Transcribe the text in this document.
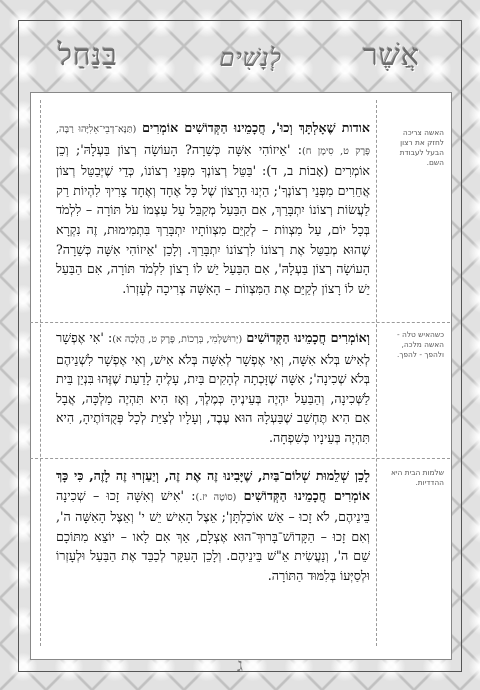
אֲשֶׁר
לְנָשִׁים
בַּנַּחַל
האשה צריכה לחזק את רצון הבעל לעבודת השם.
כשהאיש טלה - האשה מלכה, ולהפך - להפך.
שלמות הבית היא ההדדיות.

אודות שֶׁאָלְתָּךְ וְכוּ', חֲכָמֵינוּ הַקְּדוֹשִׁים אוֹמְרִים (תַּנָּא־דְבֵי־אֵלִיָּהוּ רַבָּה, פֶּרֶק ט, סִימָן ח): 'אֵיזוֹהִי אִשָּׁה כְּשֵׁרָה? הָעוֹשָׂה רְצוֹן בַּעְלָהּ'; וְכֵן אוֹמְרִים (אָבוֹת ב, ד): 'בַּטֵּל רְצוֹנְךָ מִפְּנֵי רְצוֹנוֹ, כְּדֵי שֶׁיְּבַטֵּל רְצוֹן אֲחֵרִים מִפְּנֵי רְצוֹנְךָ'; הַיְנוּ הָרָצוֹן שֶׁל כָּל אֶחָד וְאֶחָד צָרִיךְ לִהְיוֹת רַק לַעֲשׂוֹת רְצוֹנוֹ יִתְבָּרַךְ, אִם הַבַּעַל מְקַבֵּל עַל עַצְמוֹ עֹל תּוֹרָה – לִלְמֹד בְּכָל יוֹם, עַל מִצְווֹת – לְקַיֵּם מִצְווֹתָיו יִתְבָּרַךְ בִּתְמִימוּת, זֶה נִקְרָא שֶׁהוּא מְבַטֵּל אֶת רְצוֹנוֹ לִרְצוֹנוֹ יִתְבָּרַךְ. וְלָכֵן 'אֵיזוֹהִי אִשָּׁה כְּשֵׁרָה? הָעוֹשָׂה רְצוֹן בַּעְלָהּ', אִם הַבַּעַל יֵשׁ לוֹ רָצוֹן לִלְמֹד תּוֹרָה, אִם הַבַּעַל יֵשׁ לוֹ רָצוֹן לְקַיֵּם אֶת הַמִּצְווֹת – הָאִשָּׁה צְרִיכָה לְעָזְרוֹ.

וְאוֹמְרִים חֲכָמֵינוּ הַקְּדוֹשִׁים (יְרוּשַׁלְמִי, בְּרָכוֹת, פֶּרֶק ט, הֲלָכָה א): 'אִי אֶפְשָׁר לְאִישׁ בְּלֹא אִשָּׁה, וְאִי אֶפְשָׁר לְאִשָּׁה בְּלֹא אִישׁ, וְאִי אֶפְשָׁר לִשְׁנֵיהֶם בְּלֹא שְׁכִינָה'; אִשָּׁה שֶׁזָּכְתָה לְהָקִים בַּיִת, עָלֶיהָ לָדַעַת שֶׁזֶּהוּ בִּנְיַן בֵּית לַשְּׁכִינָה, וְהַבַּעַל יִהְיֶה בְּעֵינֶיהָ כְּמֶלֶךְ, וְאָז הִיא תִּהְיֶה מַלְכָּה, אֲבָל אִם הִיא תֶּחְשַׁב שֶׁבַּעְלָהּ הוּא עֶבֶד, וְעָלָיו לְצַיֵּת לְכָל פְּקֻדּוֹתֶיהָ, הִיא תִּהְיֶה בְּעֵינָיו כְּשִׁפְחָה.

לָכֵן שְׁלֵמוּת שְׁלוֹם־בַּיִת, שֶׁיָּבִינוּ זֶה אֶת זֶה, וְיַעַזְרוּ זֶה לָזֶה, כִּי כָּךְ אוֹמְרִים חֲכָמֵינוּ הַקְּדוֹשִׁים (סוֹטָה יז.): 'אִישׁ וְאִשָּׁה זָכוּ – שְׁכִינָה בֵּינֵיהֶם, לֹא זָכוּ – אֵשׁ אוֹכַלְתָּן'; אֵצֶל הָאִישׁ יֵשׁ י' וְאֵצֶל הָאִשָּׁה ה', וְאִם זָכוּ – הַקָּדוֹשׁ־בָּרוּךְ־הוּא אֶצְלָם, אַךְ אִם לָאו – יוֹצֵא מִתּוֹכָם שֵׁם ה', וְנַעֲשִׂית אֵ"שׁ בֵּינֵיהֶם. וְלָכֵן הָעִקָּר לְכַבֵּד אֶת הַבַּעַל וּלְעָזְרוֹ וּלְסַיְּעוֹ בְּלִמּוּד הַתּוֹרָה.

ג
